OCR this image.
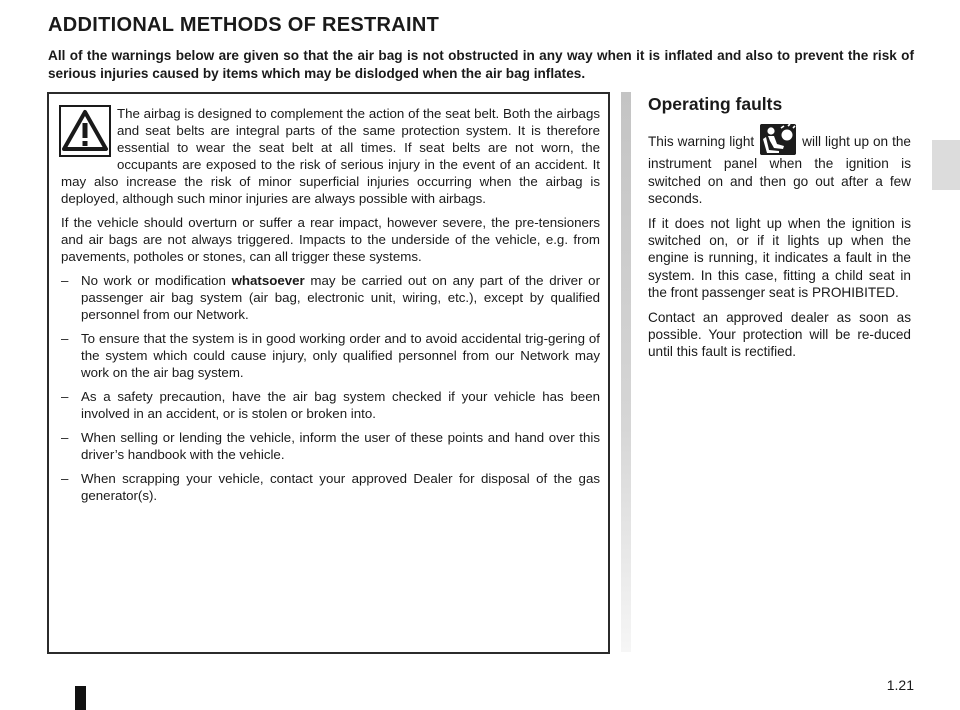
ADDITIONAL METHODS OF RESTRAINT

All of the warnings below are given so that the air bag is not obstructed in any way when it is inflated and also to prevent the risk of serious injuries caused by items which may be dislodged when the air bag inflates.

The airbag is designed to complement the action of the seat belt. Both the airbags and seat belts are integral parts of the same protection system. It is therefore essential to wear the seat belt at all times. If seat belts are not worn, the occupants are exposed to the risk of serious injury in the event of an accident. It may also increase the risk of minor superficial injuries occurring when the airbag is deployed, although such minor injuries are always possible with airbags.

If the vehicle should overturn or suffer a rear impact, however severe, the pre-tensioners and air bags are not always triggered. Impacts to the underside of the vehicle, e.g. from pavements, potholes or stones, can all trigger these systems.

– No work or modification whatsoever may be carried out on any part of the driver or passenger air bag system (air bag, electronic unit, wiring, etc.), except by qualified personnel from our Network.
– To ensure that the system is in good working order and to avoid accidental trig-gering of the system which could cause injury, only qualified personnel from our Network may work on the air bag system.
– As a safety precaution, have the air bag system checked if your vehicle has been involved in an accident, or is stolen or broken into.
– When selling or lending the vehicle, inform the user of these points and hand over this driver’s handbook with the vehicle.
– When scrapping your vehicle, contact your approved Dealer for disposal of the gas generator(s).
Operating faults

This warning light	will light up on the instrument panel when the ignition is switched on and then go out after a few seconds.

If it does not light up when the ignition is switched on, or if it lights up when the engine is running, it indicates a fault in the system. In this case, fitting a child seat in the front passenger seat is PROHIBITED.

Contact an approved dealer as soon as possible. Your protection will be re-duced until this fault is rectified.

1.21
